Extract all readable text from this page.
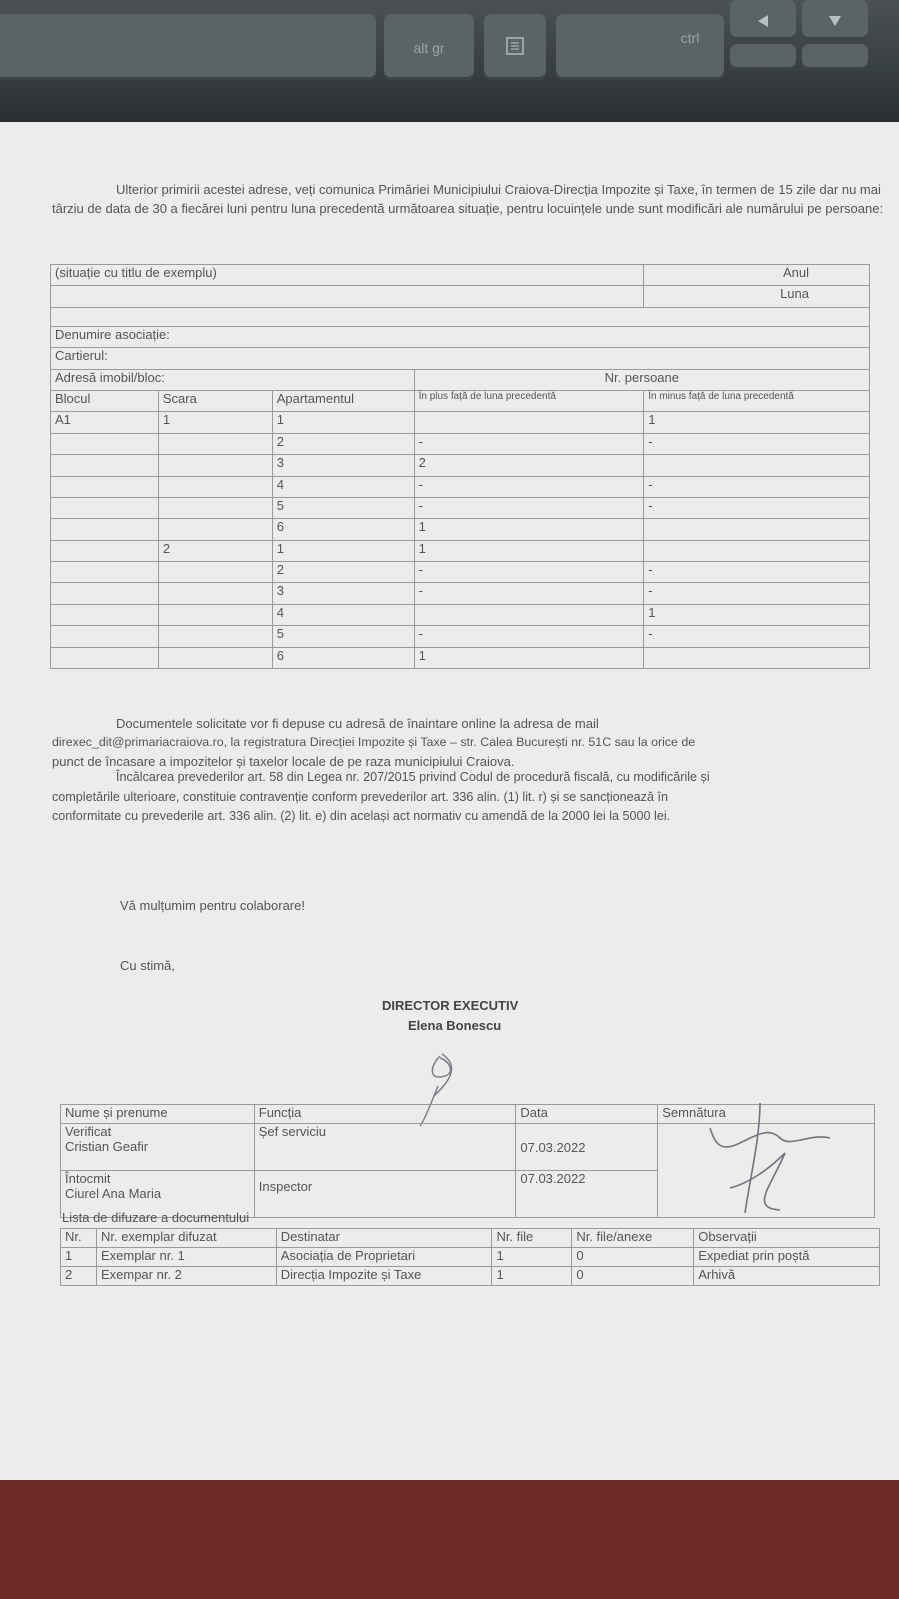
alt gr
ctrl
Ulterior primirii acestei adrese, veți comunica Primăriei Municipiului Craiova-Direcția Impozite și Taxe, în termen de 15 zile dar nu mai târziu de data de 30 a fiecărei luni pentru luna precedentă următoarea situație, pentru locuințele unde sunt modificări ale numărului pe persoane:
(situație cu titlu de exemplu)				Anul
				Luna

Denumire asociație:				
Cartierul:				
Adresă imobil/bloc:			Nr. persoane	
Blocul	Scara	Apartamentul	În plus față de luna precedentă	În minus față de luna precedentă
A1	1	1		1
		2	-	-
		3	2	
		4	-	-
		5	-	-
		6	1	
	2	1	1	
		2	-	-
		3	-	-
		4		1
		5	-	-
		6	1	
Documentele solicitate vor fi depuse cu adresă de înaintare online la adresa de mail
direxec_dit@primariacraiova.ro, la registratura Direcției Impozite și Taxe – str. Calea București nr. 51C sau la orice de
punct de încasare a impozitelor și taxelor locale de pe raza municipiului Craiova.
Încălcarea prevederilor art. 58 din Legea nr. 207/2015 privind Codul de procedură fiscală, cu modificările și
completările ulterioare, constituie contravenție conform prevederilor art. 336 alin. (1) lit. r) și se sancționează în
conformitate cu prevederile art. 336 alin. (2) lit. e) din același act normativ cu amendă de la 2000 lei la 5000 lei.
Vă mulțumim pentru colaborare!
Cu stimă,
DIRECTOR EXECUTIV
Elena Bonescu
Nume și prenume	Funcția	Data	Semnătura

Verificat
Cristian Geafir	Șef serviciu	07.03.2022	

Întocmit
Ciurel Ana Maria	Inspector	07.03.2022	
Lista de difuzare a documentului
Nr.	Nr. exemplar difuzat	Destinatar	Nr. file	Nr. file/anexe	Observații
1	Exemplar nr. 1	Asociația de Proprietari	1	0	Expediat prin poștă
2	Exempar nr. 2	Direcția Impozite și Taxe	1	0	Arhivă
